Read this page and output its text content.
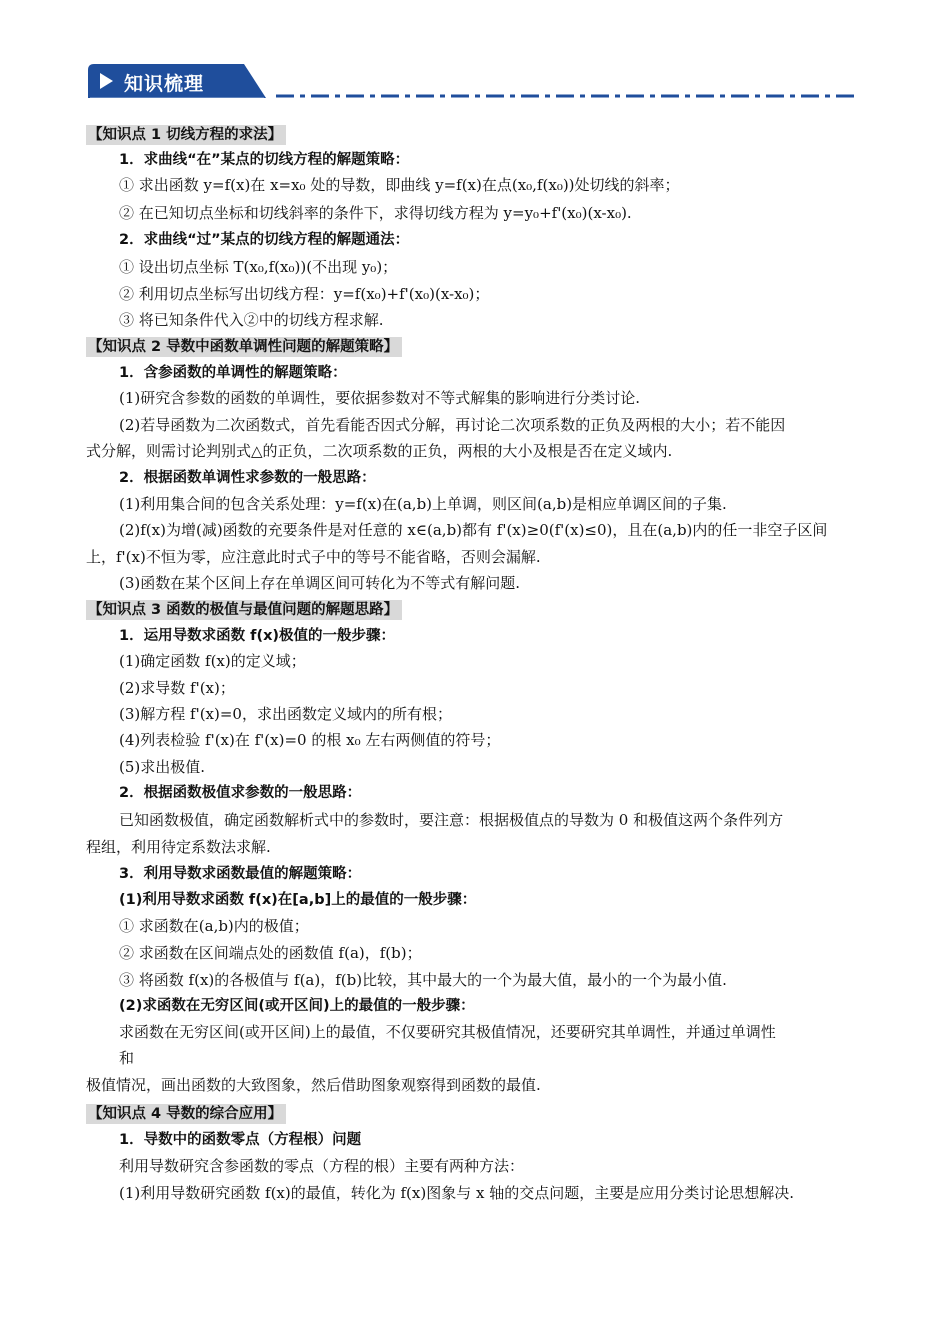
知识梳理
【知识点 1 切线方程的求法】
1．求曲线“在”某点的切线方程的解题策略：
① 求出函数 y=f(x)在 x=x₀ 处的导数，即曲线 y=f(x)在点(x₀,f(x₀))处切线的斜率；
② 在已知切点坐标和切线斜率的条件下，求得切线方程为 y=y₀+f'(x₀)(x-x₀).
2．求曲线“过”某点的切线方程的解题通法：
① 设出切点坐标 T(x₀,f(x₀))(不出现 y₀)；
② 利用切点坐标写出切线方程：y=f(x₀)+f'(x₀)(x-x₀)；
③ 将已知条件代入②中的切线方程求解.
【知识点 2 导数中函数单调性问题的解题策略】
1．含参函数的单调性的解题策略：
(1)研究含参数的函数的单调性，要依据参数对不等式解集的影响进行分类讨论.
(2)若导函数为二次函数式，首先看能否因式分解，再讨论二次项系数的正负及两根的大小；若不能因
式分解，则需讨论判别式△的正负，二次项系数的正负，两根的大小及根是否在定义域内.
2．根据函数单调性求参数的一般思路：
(1)利用集合间的包含关系处理：y=f(x)在(a,b)上单调，则区间(a,b)是相应单调区间的子集.
(2)f(x)为增(减)函数的充要条件是对任意的 x∈(a,b)都有 f'(x)≥0(f'(x)≤0)，且在(a,b)内的任一非空子区间
上，f'(x)不恒为零，应注意此时式子中的等号不能省略，否则会漏解.
(3)函数在某个区间上存在单调区间可转化为不等式有解问题.
【知识点 3 函数的极值与最值问题的解题思路】
1．运用导数求函数 f(x)极值的一般步骤：
(1)确定函数 f(x)的定义域；
(2)求导数 f'(x)；
(3)解方程 f'(x)=0，求出函数定义域内的所有根；
(4)列表检验 f'(x)在 f'(x)=0 的根 x₀ 左右两侧值的符号；
(5)求出极值.
2．根据函数极值求参数的一般思路：
已知函数极值，确定函数解析式中的参数时，要注意：根据极值点的导数为 0 和极值这两个条件列方
程组，利用待定系数法求解.
3．利用导数求函数最值的解题策略：
(1)利用导数求函数 f(x)在[a,b]上的最值的一般步骤：
① 求函数在(a,b)内的极值；
② 求函数在区间端点处的函数值 f(a)，f(b)；
③ 将函数 f(x)的各极值与 f(a)，f(b)比较，其中最大的一个为最大值，最小的一个为最小值.
(2)求函数在无穷区间(或开区间)上的最值的一般步骤：
求函数在无穷区间(或开区间)上的最值，不仅要研究其极值情况，还要研究其单调性，并通过单调性
和
极值情况，画出函数的大致图象，然后借助图象观察得到函数的最值.
【知识点 4 导数的综合应用】
1．导数中的函数零点（方程根）问题
利用导数研究含参函数的零点（方程的根）主要有两种方法：
(1)利用导数研究函数 f(x)的最值，转化为 f(x)图象与 x 轴的交点问题，主要是应用分类讨论思想解决.
